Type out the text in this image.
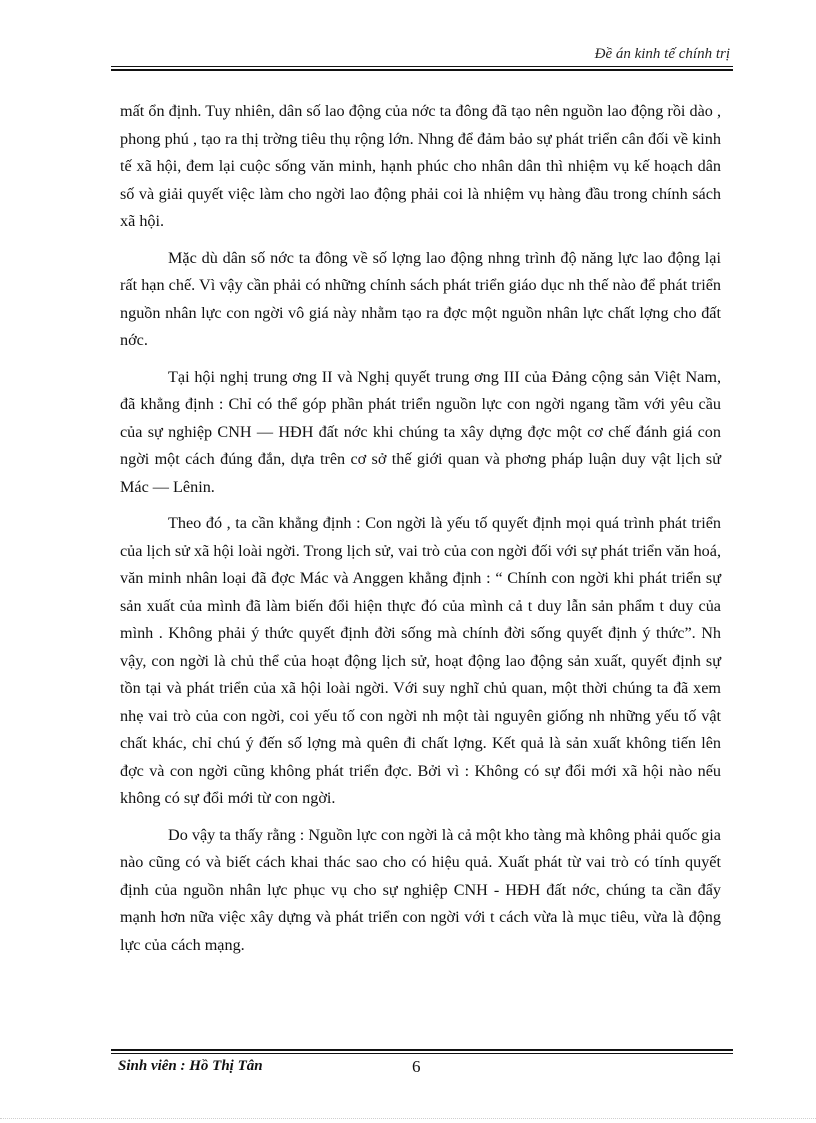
Đề án kinh tế chính trị

mất ổn định. Tuy nhiên, dân số lao động của nớc ta đông đã tạo nên nguồn lao động rồi dào , phong phú , tạo ra thị trờng tiêu thụ rộng lớn. Nhng để đảm bảo sự phát triển cân đối về kinh tế xã hội, đem lại cuộc sống văn minh, hạnh phúc cho nhân dân thì nhiệm vụ kế hoạch dân số và giải quyết việc làm cho ngời lao động phải coi là nhiệm vụ hàng đầu trong chính sách xã hội.

Mặc dù dân số nớc ta đông về số lợng lao động nhng trình độ năng lực lao động lại rất hạn chế. Vì vậy cần phải có những chính sách phát triển giáo dục nh thế nào để phát triển nguồn nhân lực con ngời vô giá này nhằm tạo ra đợc một nguồn nhân lực chất lợng cho đất nớc.

Tại hội nghị trung ơng II và Nghị quyết trung ơng III của Đảng cộng sản Việt Nam, đã khẳng định : Chỉ có thể góp phần phát triển nguồn lực con ngời ngang tầm với yêu cầu của sự nghiệp CNH — HĐH đất nớc khi chúng ta xây dựng đợc một cơ chế đánh giá con ngời một cách đúng đắn, dựa trên cơ sở thế giới quan và phơng pháp luận duy vật lịch sử Mác — Lênin.

Theo đó , ta cần khẳng định : Con ngời là yếu tố quyết định mọi quá trình phát triển của lịch sử xã hội loài ngời. Trong lịch sử, vai trò của con ngời đối với sự phát triển văn hoá, văn minh nhân loại đã đợc Mác và Anggen khẳng định : “ Chính con ngời khi phát triển sự sản xuất của mình đã làm biến đổi hiện thực đó của mình cả t duy lẫn sản phẩm t duy của mình . Không phải ý thức quyết định đời sống mà chính đời sống quyết định ý thức”. Nh vậy, con ngời là chủ thể của hoạt động lịch sử, hoạt động lao động sản xuất, quyết định sự tồn tại và phát triển của xã hội loài ngời. Với suy nghĩ chủ quan, một thời chúng ta đã xem nhẹ vai trò của con ngời, coi yếu tố con ngời nh một tài nguyên giống nh những yếu tố vật chất khác, chỉ chú ý đến số lợng mà quên đi chất lợng. Kết quả là sản xuất không tiến lên đợc và con ngời cũng không phát triển đợc. Bởi vì : Không có sự đổi mới xã hội nào nếu không có sự đổi mới từ con ngời.

Do vậy ta thấy rằng : Nguồn lực con ngời là cả một kho tàng mà không phải quốc gia nào cũng có và biết cách khai thác sao cho có hiệu quả. Xuất phát từ vai trò có tính quyết định của nguồn nhân lực phục vụ cho sự nghiệp CNH - HĐH đất nớc, chúng ta cần đẩy mạnh hơn nữa việc xây dựng và phát triển con ngời với t cách vừa là mục tiêu, vừa là động lực của cách mạng.

Sinh viên : Hồ Thị Tân	6
